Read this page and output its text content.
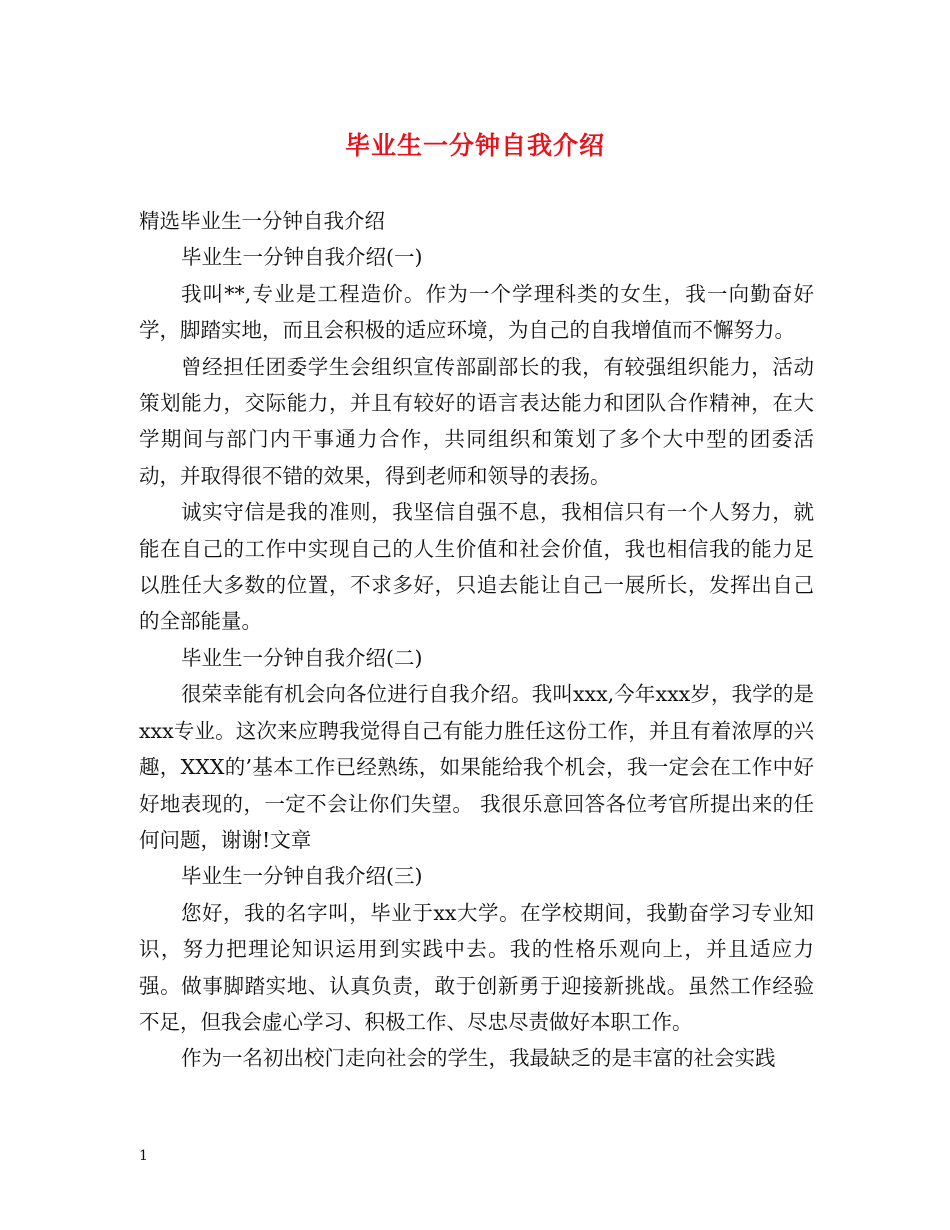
毕业生一分钟自我介绍

精选毕业生一分钟自我介绍

毕业生一分钟自我介绍(一)

我叫**,专业是工程造价。作为一个学理科类的女生，我一向勤奋好学，脚踏实地，而且会积极的适应环境，为自己的自我增值而不懈努力。

曾经担任团委学生会组织宣传部副部长的我，有较强组织能力，活动策划能力，交际能力，并且有较好的语言表达能力和团队合作精神，在大学期间与部门内干事通力合作，共同组织和策划了多个大中型的团委活动，并取得很不错的效果，得到老师和领导的表扬。

诚实守信是我的准则，我坚信自强不息，我相信只有一个人努力，就能在自己的工作中实现自己的人生价值和社会价值，我也相信我的能力足以胜任大多数的位置，不求多好，只追去能让自己一展所长，发挥出自己的全部能量。

毕业生一分钟自我介绍(二)

很荣幸能有机会向各位进行自我介绍。我叫xxx,今年xxx岁，我学的是xxx专业。这次来应聘我觉得自己有能力胜任这份工作，并且有着浓厚的兴趣，XXX的’基本工作已经熟练，如果能给我个机会，我一定会在工作中好好地表现的，一定不会让你们失望。 我很乐意回答各位考官所提出来的任何问题，谢谢!文章

毕业生一分钟自我介绍(三)

您好，我的名字叫，毕业于xx大学。在学校期间，我勤奋学习专业知识，努力把理论知识运用到实践中去。我的性格乐观向上，并且适应力强。做事脚踏实地、认真负责，敢于创新勇于迎接新挑战。虽然工作经验不足，但我会虚心学习、积极工作、尽忠尽责做好本职工作。

作为一名初出校门走向社会的学生，我最缺乏的是丰富的社会实践

1
